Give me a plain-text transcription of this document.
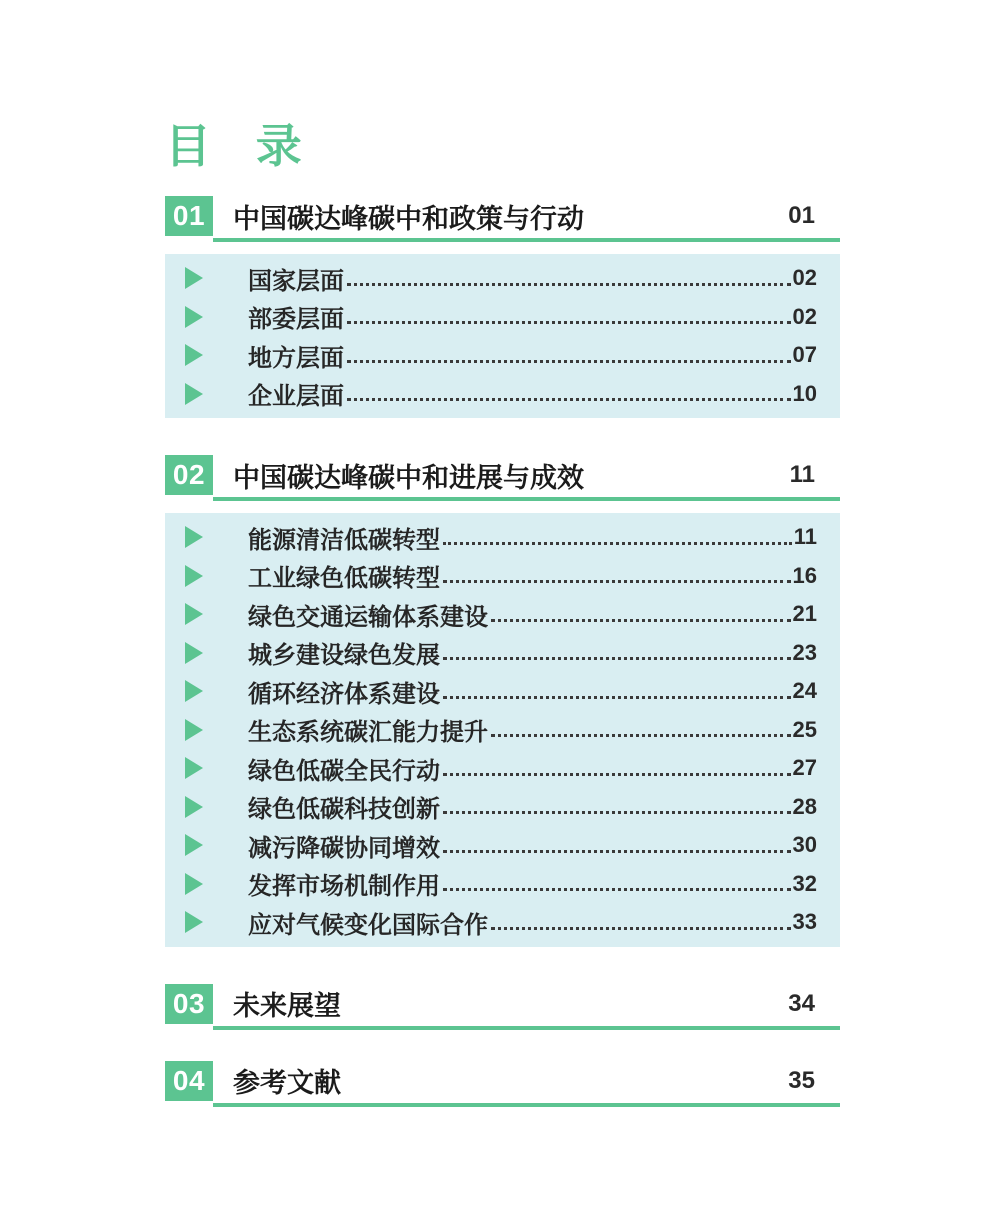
目 录
01 中国碳达峰碳中和政策与行动	01
国家层面	02
部委层面	02
地方层面	07
企业层面	10
02 中国碳达峰碳中和进展与成效	11
能源清洁低碳转型	11
工业绿色低碳转型	16
绿色交通运输体系建设	21
城乡建设绿色发展	23
循环经济体系建设	24
生态系统碳汇能力提升	25
绿色低碳全民行动	27
绿色低碳科技创新	28
减污降碳协同增效	30
发挥市场机制作用	32
应对气候变化国际合作	33
03 未来展望	34
04 参考文献	35
